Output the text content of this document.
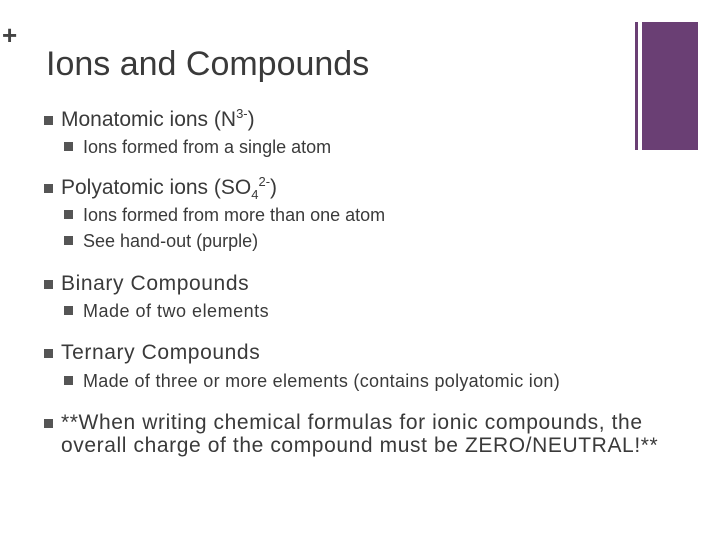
+
Ions and Compounds
Monatomic ions $(N^{3-})$
Ions formed from a single atom
Polyatomic ions $(SO_4^{2-})$
Ions formed from more than one atom
See hand-out (purple)
Binary Compounds
Made of two elements
Ternary Compounds
Made of three or more elements (contains polyatomic ion)
**When writing chemical formulas for ionic compounds, the overall charge of the compound must be ZERO/NEUTRAL!**
